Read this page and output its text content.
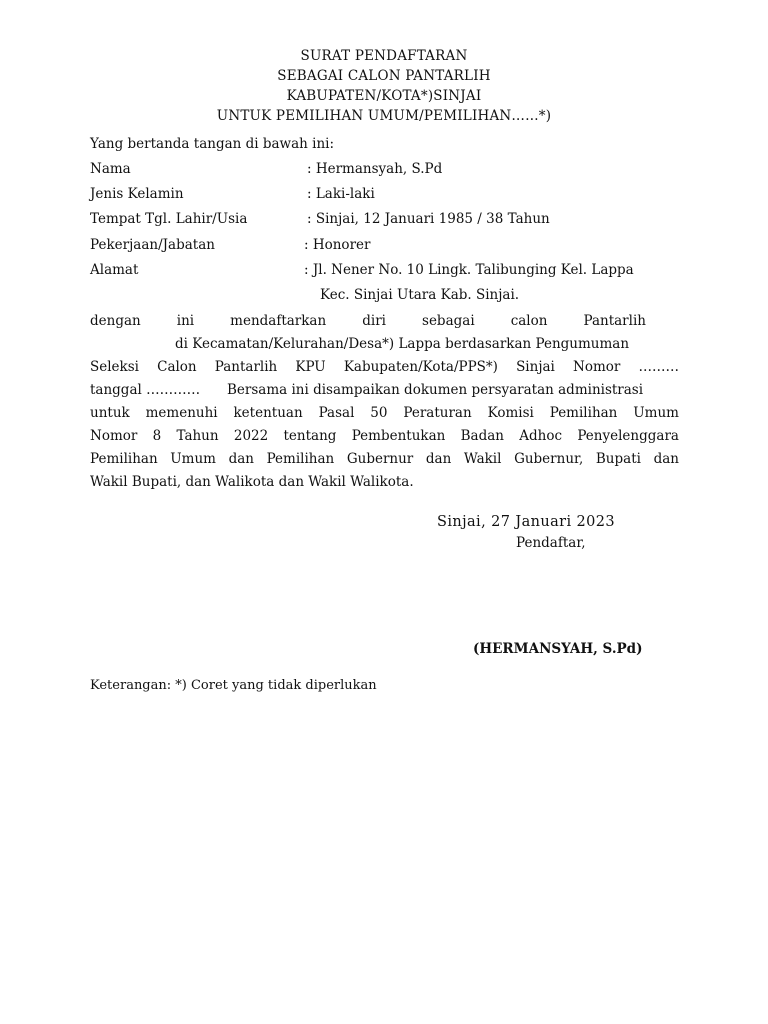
SURAT PENDAFTARAN
SEBAGAI CALON PANTARLIH
KABUPATEN/KOTA*)SINJAI
UNTUK PEMILIHAN UMUM/PEMILIHAN……*)
Yang bertanda tangan di bawah ini:
Nama	: Hermansyah, S.Pd
Jenis Kelamin	: Laki-laki
Tempat Tgl. Lahir/Usia	: Sinjai, 12 Januari 1985 / 38 Tahun
Pekerjaan/Jabatan	: Honorer
Alamat	: Jl. Nener No. 10 Lingk. Talibunging Kel. Lappa
Kec. Sinjai Utara Kab. Sinjai.
dengan	ini	mendaftarkan	diri	sebagai	calon	Pantarlih
di Kecamatan/Kelurahan/Desa*) Lappa berdasarkan Pengumuman
Seleksi Calon Pantarlih KPU Kabupaten/Kota/PPS*) Sinjai Nomor ………
tanggal ………… Bersama ini disampaikan dokumen persyaratan administrasi
untuk memenuhi ketentuan Pasal 50 Peraturan Komisi Pemilihan Umum
Nomor 8 Tahun 2022 tentang Pembentukan Badan Adhoc Penyelenggara
Pemilihan Umum dan Pemilihan Gubernur dan Wakil Gubernur, Bupati dan
Wakil Bupati, dan Walikota dan Wakil Walikota.
Sinjai, 27 Januari 2023
Pendaftar,
(HERMANSYAH, S.Pd)
Keterangan: *) Coret yang tidak diperlukan
